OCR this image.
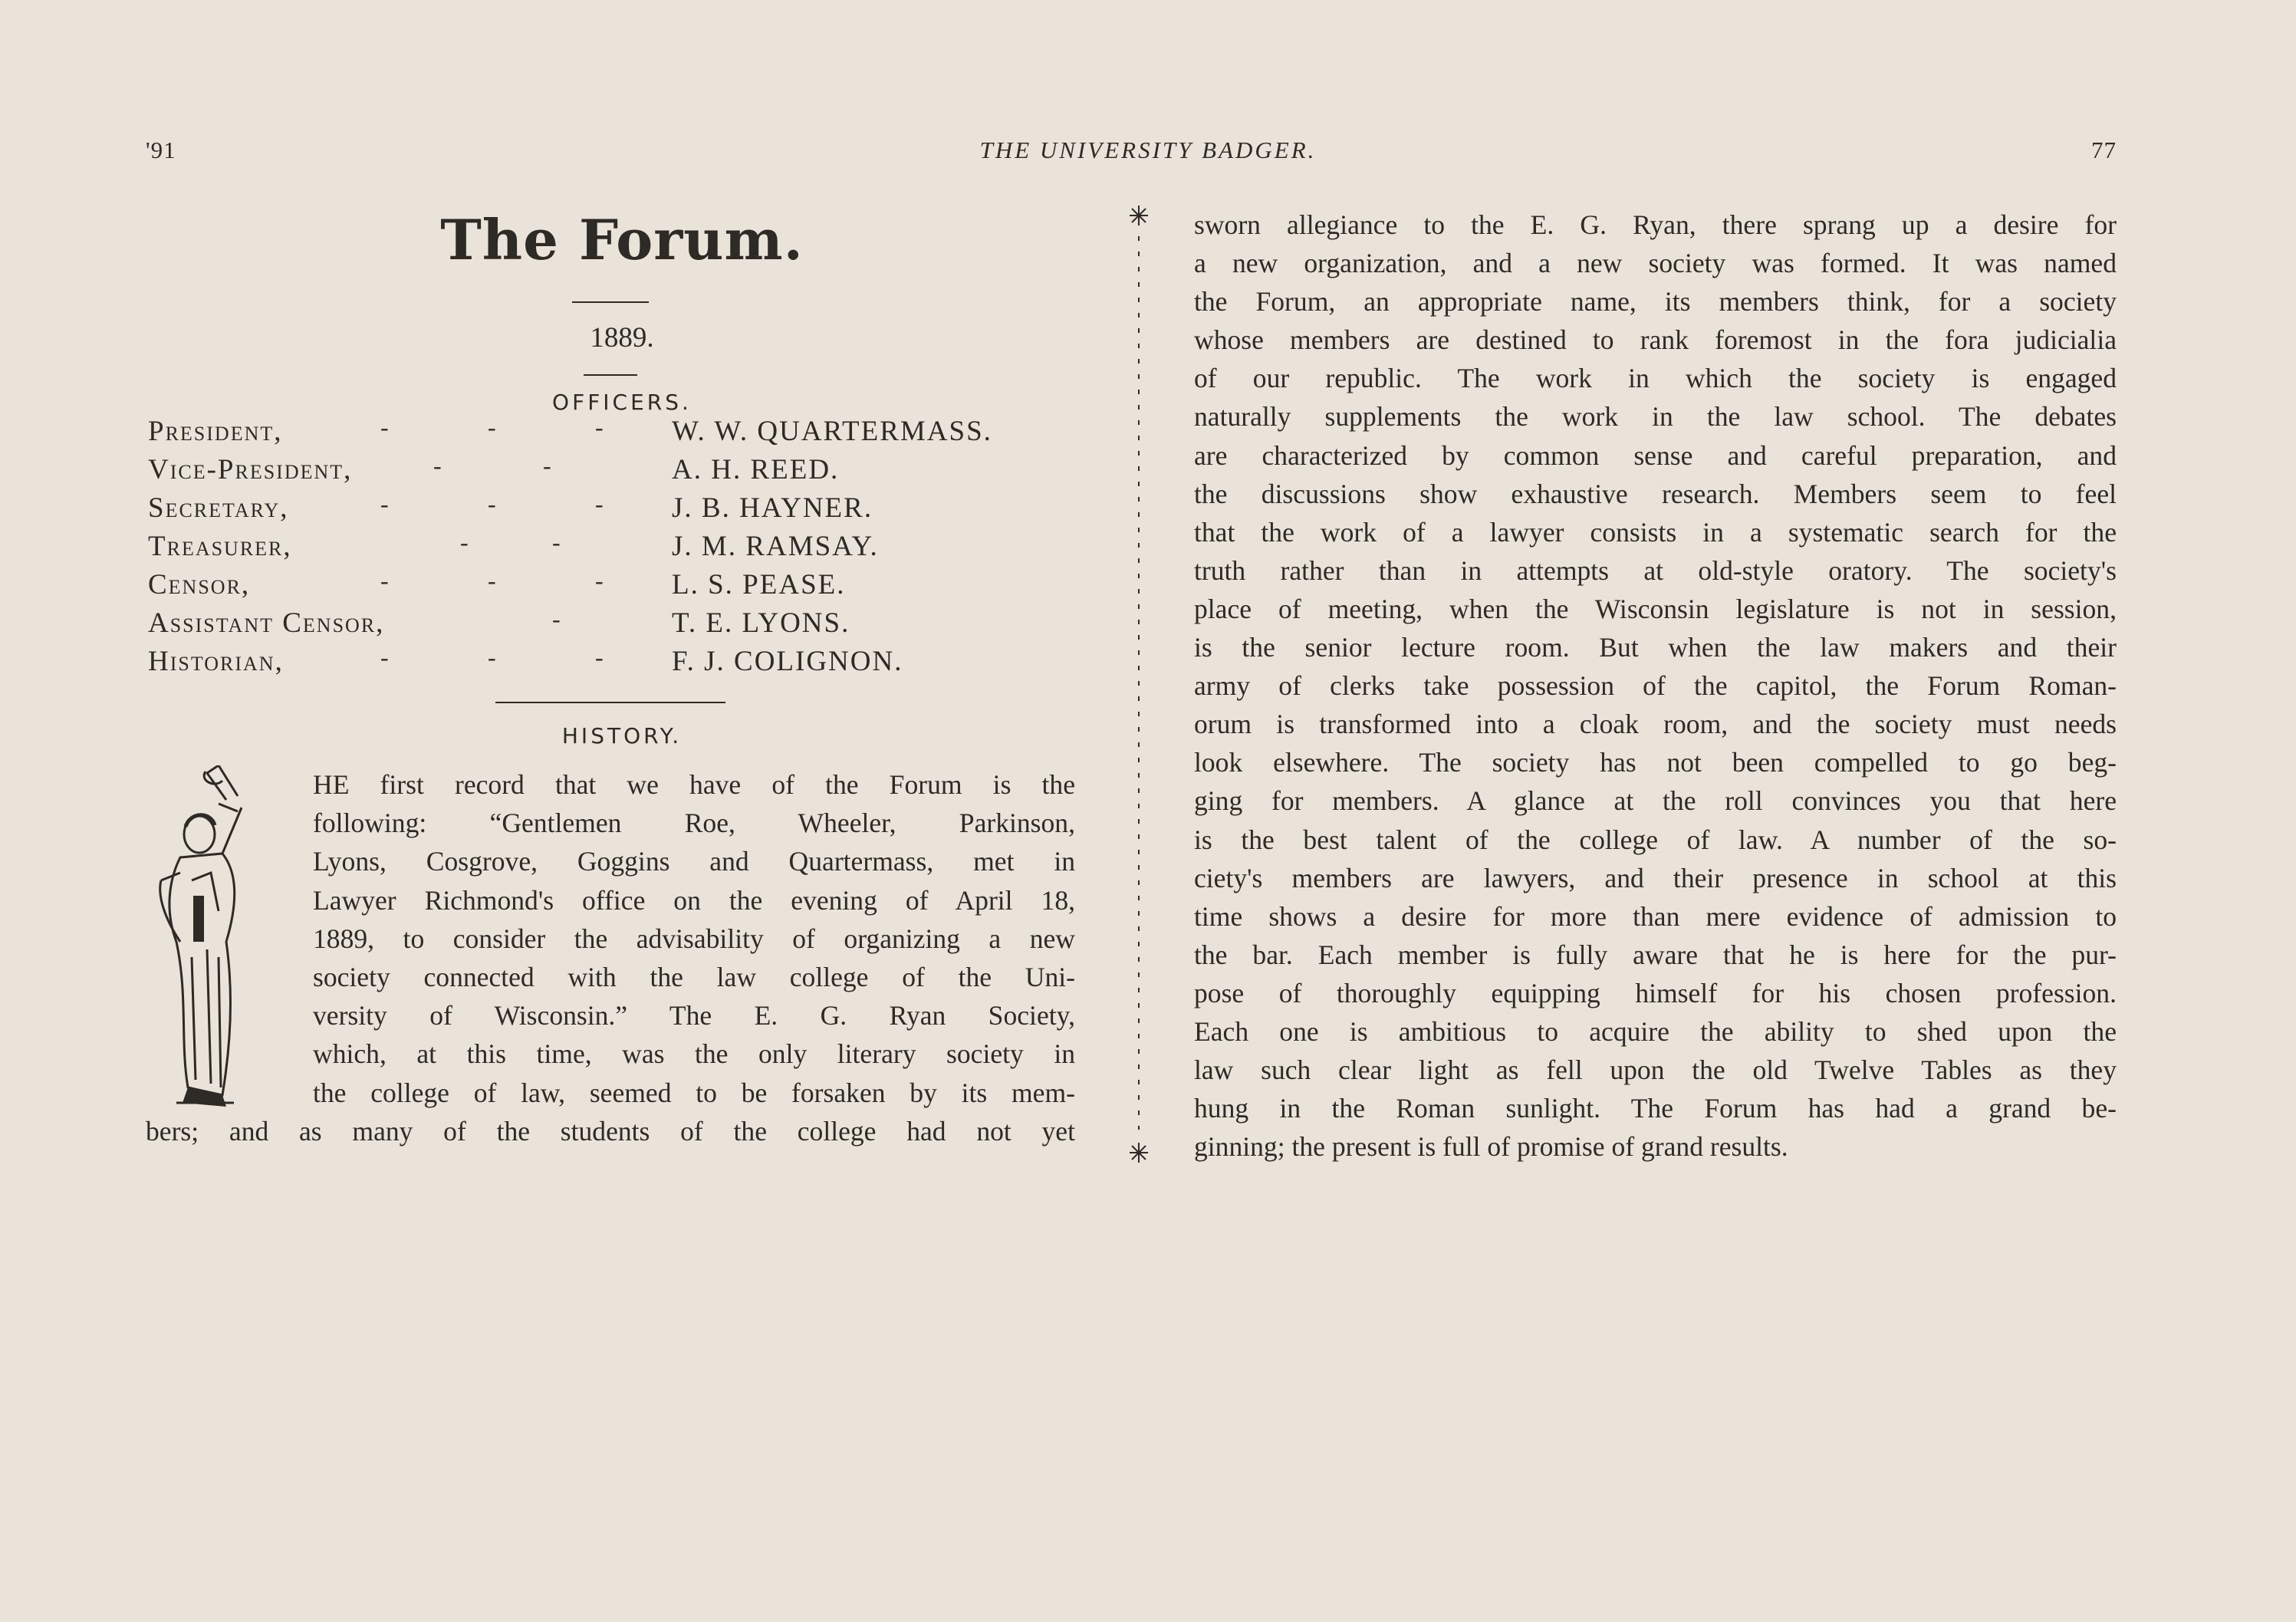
'91	THE UNIVERSITY BADGER.	77
The Forum.
1889.
OFFICERS.
President,	-	-	- W. W. QUARTERMASS.
Vice-President,	-	-	A. H. REED.
Secretary,	-	-	- J. B. HAYNER.
Treasurer,	-	-	J. M. RAMSAY.
Censor,	-	-	- L. S. PEASE.
Assistant Censor,	-	T. E. LYONS.
Historian,	-	-	- F. J. COLIGNON.
HISTORY.
HE first record that we have of the Forum is the
following: “Gentlemen Roe, Wheeler, Parkinson,
Lyons, Cosgrove, Goggins and Quartermass, met in
Lawyer Richmond's office on the evening of April 18,
1889, to consider the advisability of organizing a new
society connected with the law college of the Uni-
versity of Wisconsin.” The E. G. Ryan Society,
which, at this time, was the only literary society in
the college of law, seemed to be forsaken by its mem-
bers; and as many of the students of the college had not yet
sworn allegiance to the E. G. Ryan, there sprang up a desire for
a new organization, and a new society was formed. It was named
the Forum, an appropriate name, its members think, for a society
whose members are destined to rank foremost in the fora judicialia
of our republic. The work in which the society is engaged
naturally supplements the work in the law school. The debates
are characterized by common sense and careful preparation, and
the discussions show exhaustive research. Members seem to feel
that the work of a lawyer consists in a systematic search for the
truth rather than in attempts at old-style oratory. The society's
place of meeting, when the Wisconsin legislature is not in session,
is the senior lecture room. But when the law makers and their
army of clerks take possession of the capitol, the Forum Roman-
orum is transformed into a cloak room, and the society must needs
look elsewhere. The society has not been compelled to go beg-
ging for members. A glance at the roll convinces you that here
is the best talent of the college of law. A number of the so-
ciety's members are lawyers, and their presence in school at this
time shows a desire for more than mere evidence of admission to
the bar. Each member is fully aware that he is here for the pur-
pose of thoroughly equipping himself for his chosen profession.
Each one is ambitious to acquire the ability to shed upon the
law such clear light as fell upon the old Twelve Tables as they
hung in the Roman sunlight. The Forum has had a grand be-
ginning; the present is full of promise of grand results.
